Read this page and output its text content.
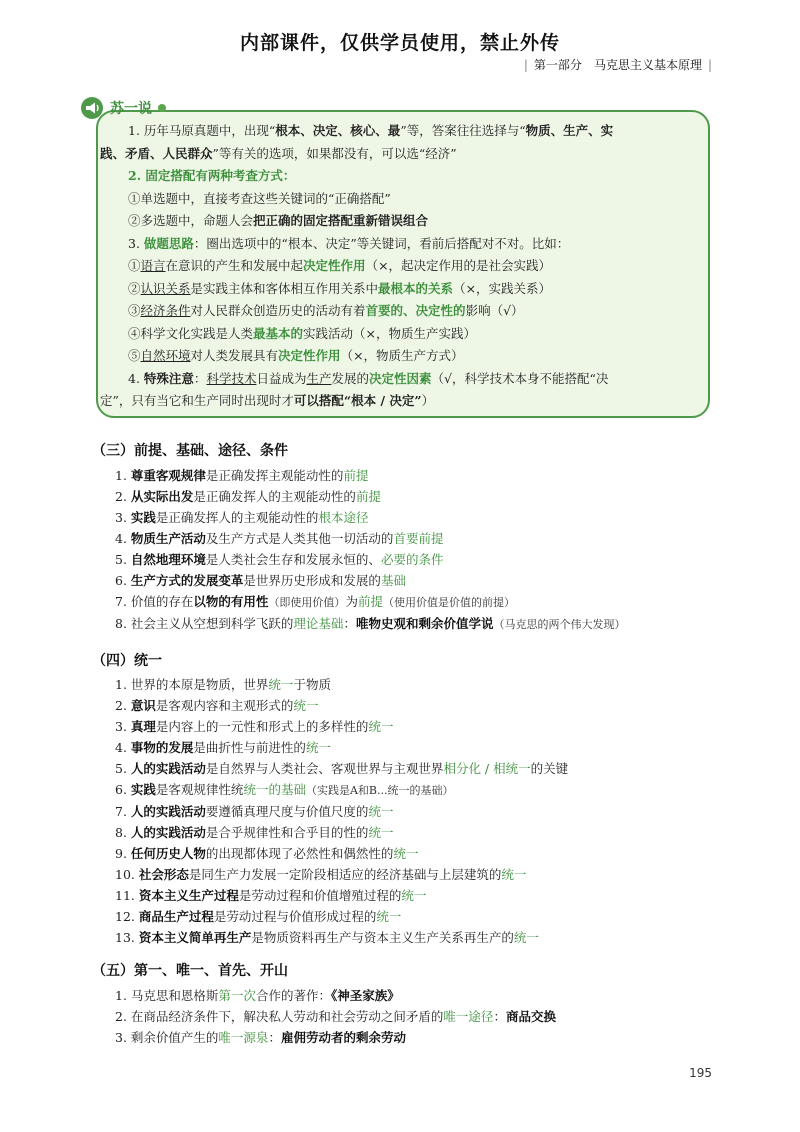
内部课件，仅供学员使用，禁止外传
| 第一部分 马克思主义基本原理 |
苏一说

1. 历年马原真题中，出现“根本、决定、核心、最”等，答案往往选择与“物质、生产、实

践、矛盾、人民群众”等有关的选项，如果都没有，可以选“经济”

2. 固定搭配有两种考查方式：

①单选题中，直接考查这些关键词的“正确搭配”

②多选题中，命题人会把正确的固定搭配重新错误组合

3. 做题思路：圈出选项中的“根本、决定”等关键词，看前后搭配对不对。比如：

①语言在意识的产生和发展中起决定性作用（×，起决定作用的是社会实践）

②认识关系是实践主体和客体相互作用关系中最根本的关系（×，实践关系）

③经济条件对人民群众创造历史的活动有着首要的、决定性的影响（√）

④科学文化实践是人类最基本的实践活动（×，物质生产实践）

⑤自然环境对人类发展具有决定性作用（×，物质生产方式）

4. 特殊注意：科学技术日益成为生产发展的决定性因素（√，科学技术本身不能搭配“决

定”，只有当它和生产同时出现时才可以搭配“根本 / 决定”）

（三）前提、基础、途径、条件
1. 尊重客观规律是正确发挥主观能动性的前提
2. 从实际出发是正确发挥人的主观能动性的前提
3. 实践是正确发挥人的主观能动性的根本途径
4. 物质生产活动及生产方式是人类其他一切活动的首要前提
5. 自然地理环境是人类社会生存和发展永恒的、必要的条件
6. 生产方式的发展变革是世界历史形成和发展的基础
7. 价值的存在以物的有用性（即使用价值）为前提（使用价值是价值的前提）
8. 社会主义从空想到科学飞跃的理论基础：唯物史观和剩余价值学说（马克思的两个伟大发现）
（四）统一
1. 世界的本原是物质，世界统一于物质
2. 意识是客观内容和主观形式的统一
3. 真理是内容上的一元性和形式上的多样性的统一
4. 事物的发展是曲折性与前进性的统一
5. 人的实践活动是自然界与人类社会、客观世界与主观世界相分化 / 相统一的关键
6. 实践是客观规律性统统一的基础（实践是A和B...统一的基础）
7. 人的实践活动要遵循真理尺度与价值尺度的统一
8. 人的实践活动是合乎规律性和合乎目的性的统一
9. 任何历史人物的出现都体现了必然性和偶然性的统一
10. 社会形态是同生产力发展一定阶段相适应的经济基础与上层建筑的统一
11. 资本主义生产过程是劳动过程和价值增殖过程的统一
12. 商品生产过程是劳动过程与价值形成过程的统一
13. 资本主义简单再生产是物质资料再生产与资本主义生产关系再生产的统一
（五）第一、唯一、首先、开山
1. 马克思和恩格斯第一次合作的著作：《神圣家族》
2. 在商品经济条件下，解决私人劳动和社会劳动之间矛盾的唯一途径：商品交换
3. 剩余价值产生的唯一源泉：雇佣劳动者的剩余劳动
195
